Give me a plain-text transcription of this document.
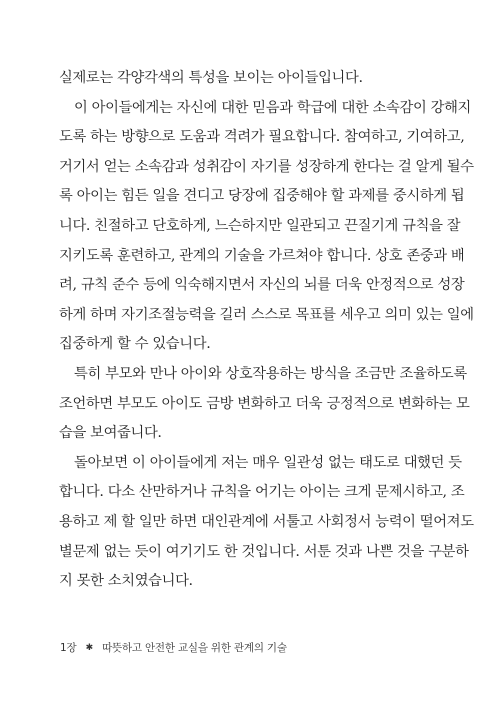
실제로는 각양각색의 특성을 보이는 아이들입니다.
이 아이들에게는 자신에 대한 믿음과 학급에 대한 소속감이 강해지
도록 하는 방향으로 도움과 격려가 필요합니다. 참여하고, 기여하고,
거기서 얻는 소속감과 성취감이 자기를 성장하게 한다는 걸 알게 될수
록 아이는 힘든 일을 견디고 당장에 집중해야 할 과제를 중시하게 됩
니다. 친절하고 단호하게, 느슨하지만 일관되고 끈질기게 규칙을 잘
지키도록 훈련하고, 관계의 기술을 가르쳐야 합니다. 상호 존중과 배
려, 규칙 준수 등에 익숙해지면서 자신의 뇌를 더욱 안정적으로 성장
하게 하며 자기조절능력을 길러 스스로 목표를 세우고 의미 있는 일에
집중하게 할 수 있습니다.
특히 부모와 만나 아이와 상호작용하는 방식을 조금만 조율하도록
조언하면 부모도 아이도 금방 변화하고 더욱 긍정적으로 변화하는 모
습을 보여줍니다.
돌아보면 이 아이들에게 저는 매우 일관성 없는 태도로 대했던 듯
합니다. 다소 산만하거나 규칙을 어기는 아이는 크게 문제시하고, 조
용하고 제 할 일만 하면 대인관계에 서툴고 사회정서 능력이 떨어져도
별문제 없는 듯이 여기기도 한 것입니다. 서툰 것과 나쁜 것을 구분하
지 못한 소치였습니다.
1장 ✱ 따뜻하고 안전한 교실을 위한 관계의 기술
